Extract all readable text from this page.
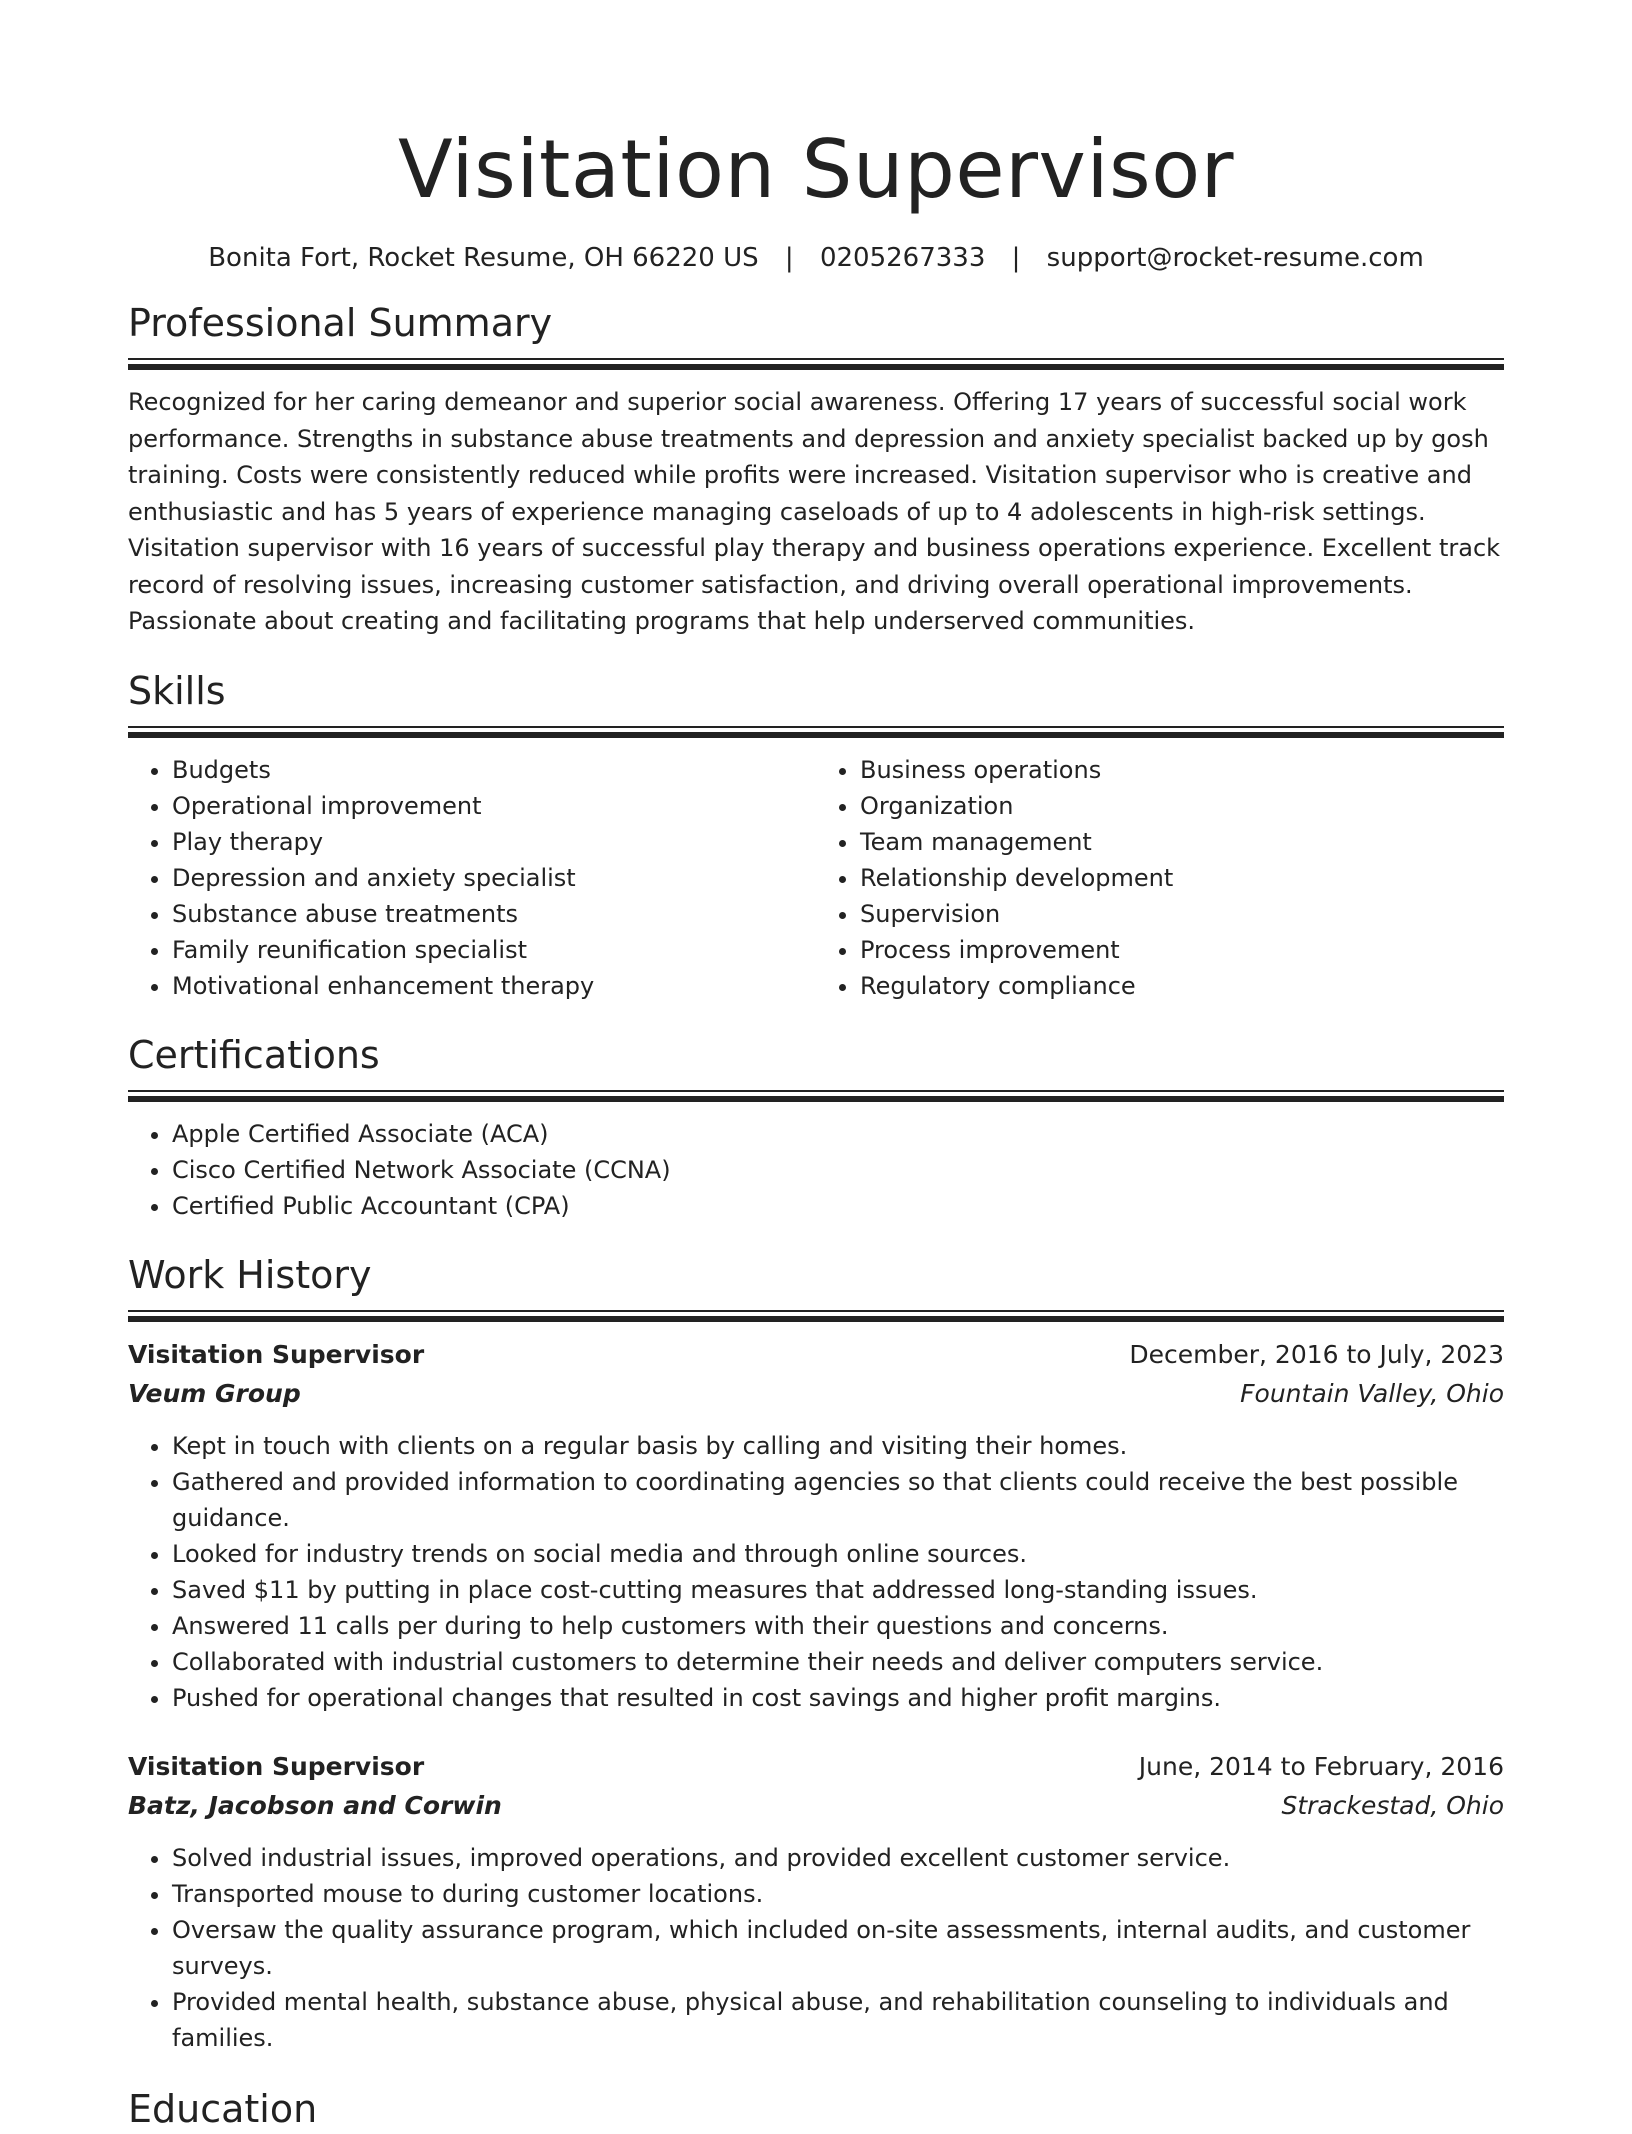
Visitation Supervisor
Bonita Fort, Rocket Resume, OH 66220 US | 0205267333 | support@rocket-resume.com
Professional Summary

Recognized for her caring demeanor and superior social awareness. Offering 17 years of successful social work performance. Strengths in substance abuse treatments and depression and anxiety specialist backed up by gosh training. Costs were consistently reduced while profits were increased. Visitation supervisor who is creative and enthusiastic and has 5 years of experience managing caseloads of up to 4 adolescents in high-risk settings. Visitation supervisor with 16 years of successful play therapy and business operations experience. Excellent track record of resolving issues, increasing customer satisfaction, and driving overall operational improvements. Passionate about creating and facilitating programs that help underserved communities.

Skills
• Budgets
• Operational improvement
• Play therapy
• Depression and anxiety specialist
• Substance abuse treatments
• Family reunification specialist
• Motivational enhancement therapy
• Business operations
• Organization
• Team management
• Relationship development
• Supervision
• Process improvement
• Regulatory compliance
Certifications
• Apple Certified Associate (ACA)
• Cisco Certified Network Associate (CCNA)
• Certified Public Accountant (CPA)
Work History
Visitation Supervisor	December, 2016 to July, 2023
Veum Group	Fountain Valley, Ohio
• Kept in touch with clients on a regular basis by calling and visiting their homes.
• Gathered and provided information to coordinating agencies so that clients could receive the best possible guidance.
• Looked for industry trends on social media and through online sources.
• Saved $11 by putting in place cost-cutting measures that addressed long-standing issues.
• Answered 11 calls per during to help customers with their questions and concerns.
• Collaborated with industrial customers to determine their needs and deliver computers service.
• Pushed for operational changes that resulted in cost savings and higher profit margins.
Visitation Supervisor	June, 2014 to February, 2016
Batz, Jacobson and Corwin	Strackestad, Ohio
• Solved industrial issues, improved operations, and provided excellent customer service.
• Transported mouse to during customer locations.
• Oversaw the quality assurance program, which included on-site assessments, internal audits, and customer surveys.
• Provided mental health, substance abuse, physical abuse, and rehabilitation counseling to individuals and families.
Education
